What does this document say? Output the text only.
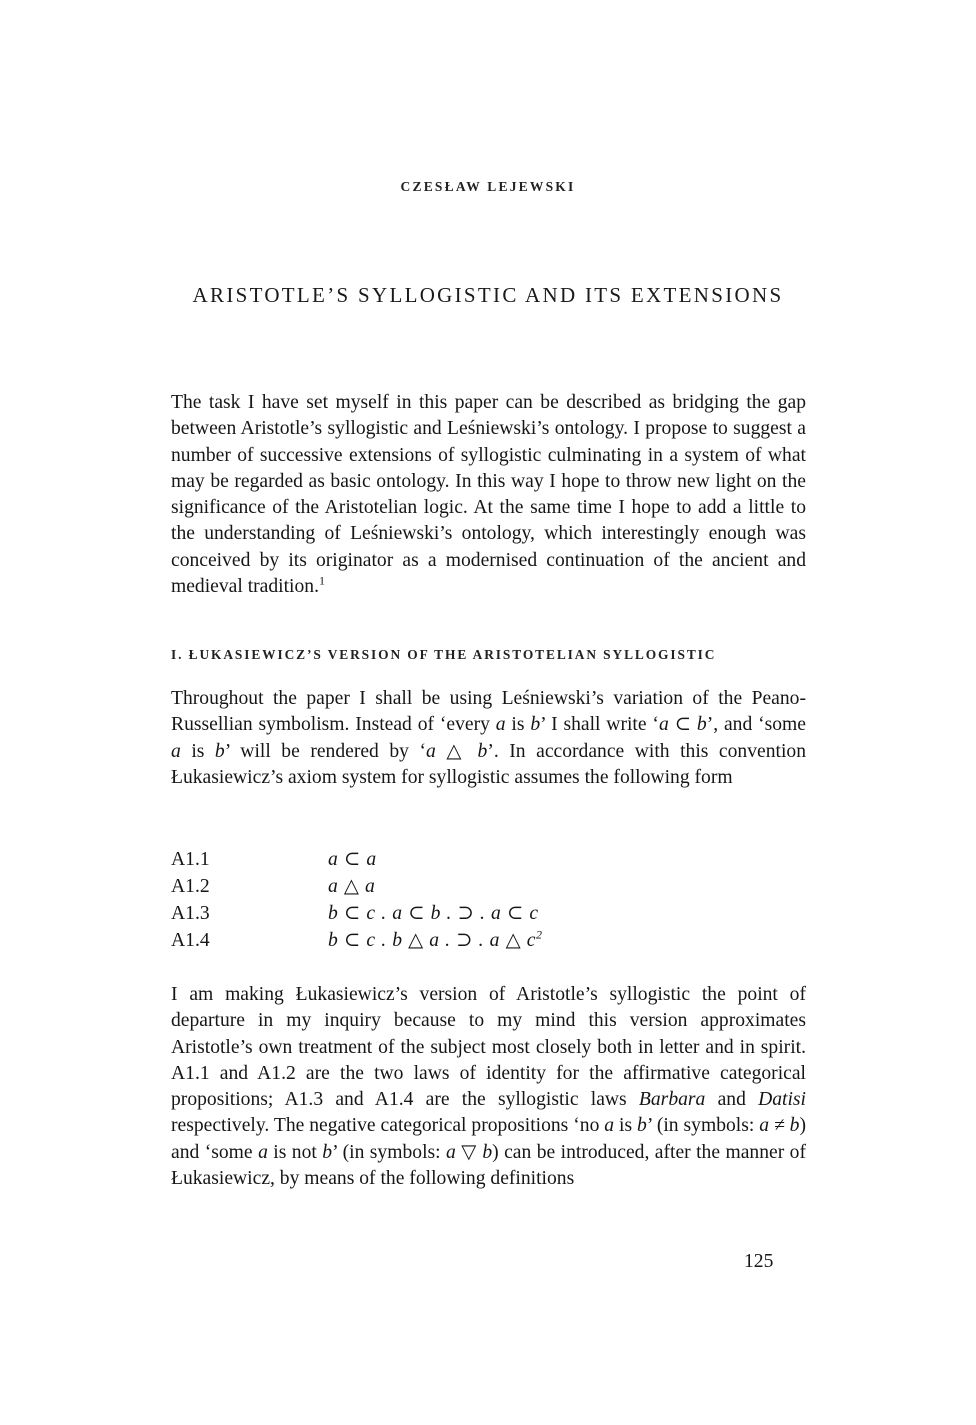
CZESŁAW LEJEWSKI
ARISTOTLE’S SYLLOGISTIC AND ITS EXTENSIONS

The task I have set myself in this paper can be described as bridging the gap between Aristotle’s syllogistic and Leśniewski’s ontology. I propose to suggest a number of successive extensions of syllogistic culminating in a system of what may be regarded as basic ontology. In this way I hope to throw new light on the significance of the Aristotelian logic. At the same time I hope to add a little to the understanding of Leśniewski’s ontology, which interestingly enough was conceived by its originator as a modernised continuation of the ancient and medieval tradition.$^1$

I. ŁUKASIEWICZ’S VERSION OF THE ARISTOTELIAN SYLLOGISTIC

Throughout the paper I shall be using Leśniewski’s variation of the Peano-Russellian symbolism. Instead of ‘every a is b’ I shall write ‘a ⊂ b’, and ‘some a is b’ will be rendered by ‘a △ b’. In accordance with this convention Łukasiewicz’s axiom system for syllogistic assumes the following form

A1.1	a ⊂ a
A1.2	a △ a
A1.3	b ⊂ c . a ⊂ b . ⊃ . a ⊂ c
A1.4	b ⊂ c . b △ a . ⊃ . a △ $c^2$

I am making Łukasiewicz’s version of Aristotle’s syllogistic the point of departure in my inquiry because to my mind this version approximates Aristotle’s own treatment of the subject most closely both in letter and in spirit. A1.1 and A1.2 are the two laws of identity for the affirmative categorical propositions; A1.3 and A1.4 are the syllogistic laws Barbara and Datisi respectively. The negative categorical propositions ‘no a is b’ (in symbols: a ≠ b) and ‘some a is not b’ (in symbols: a ▽ b) can be introduced, after the manner of Łukasiewicz, by means of the following definitions

125
